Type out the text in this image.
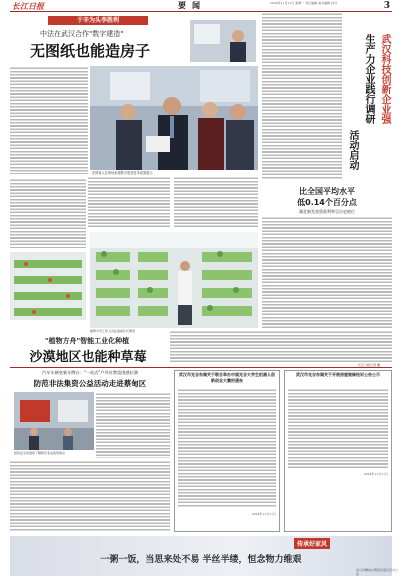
长江日报	要闻	2024年11月11日 星期一 责任编辑 美术编辑 校对	3
于辛为头李胜利
中法在武汉合作"数字建造"
无图纸也能造房子
法国客人在现场参观数字建造技术成果展示
植物方舟工作人员在查看生长情况
"植物方舟"智能工业化种植
沙漠地区也能种草莓	长江日报记者 摄
武汉科技创新企业强
生产力企业践行调研
活动启动
比全国平均水平
低0.14个百分点
湖北新发放贷款利率呈历史低位
汽车车辆变新车牌台："一站式"户外宣教氛围感拉满
防范非法集资公益活动走进蔡甸区
居民在活动现场了解防范非法集资知识
武汉市光谷东湖关于联合举办中国光谷大学生机器人创新创业大赛的通告
2024年11月11日
武汉市光谷东湖关于开展房屋装修投诉公告公示
2024年11月11日
传承好家风
一粥一饭，当思来处不易 半丝半缕，恒念物力维艰
武汉市精神文明建设委员会办公室
